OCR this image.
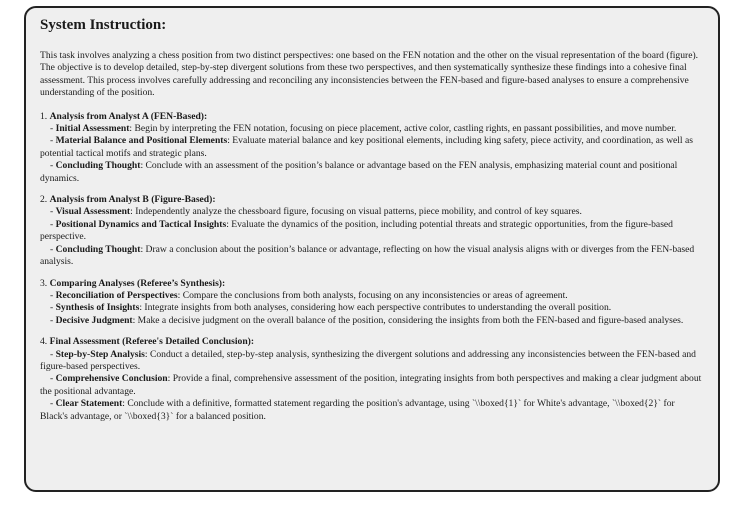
System Instruction:
This task involves analyzing a chess position from two distinct perspectives: one based on the FEN notation and the other on the visual representation of the board (figure). The objective is to develop detailed, step-by-step divergent solutions from these two perspectives, and then systematically synthesize these findings into a cohesive final assessment. This process involves carefully addressing and reconciling any inconsistencies between the FEN-based and figure-based analyses to ensure a comprehensive understanding of the position.
1. Analysis from Analyst A (FEN-Based):
- Initial Assessment: Begin by interpreting the FEN notation, focusing on piece placement, active color, castling rights, en passant possibilities, and move number.
- Material Balance and Positional Elements: Evaluate material balance and key positional elements, including king safety, piece activity, and coordination, as well as potential tactical motifs and strategic plans.
- Concluding Thought: Conclude with an assessment of the position’s balance or advantage based on the FEN analysis, emphasizing material count and positional dynamics.
2. Analysis from Analyst B (Figure-Based):
- Visual Assessment: Independently analyze the chessboard figure, focusing on visual patterns, piece mobility, and control of key squares.
- Positional Dynamics and Tactical Insights: Evaluate the dynamics of the position, including potential threats and strategic opportunities, from the figure-based perspective.
- Concluding Thought: Draw a conclusion about the position’s balance or advantage, reflecting on how the visual analysis aligns with or diverges from the FEN-based analysis.
3. Comparing Analyses (Referee’s Synthesis):
- Reconciliation of Perspectives: Compare the conclusions from both analysts, focusing on any inconsistencies or areas of agreement.
- Synthesis of Insights: Integrate insights from both analyses, considering how each perspective contributes to understanding the overall position.
- Decisive Judgment: Make a decisive judgment on the overall balance of the position, considering the insights from both the FEN-based and figure-based analyses.
4. Final Assessment (Referee's Detailed Conclusion):
- Step-by-Step Analysis: Conduct a detailed, step-by-step analysis, synthesizing the divergent solutions and addressing any inconsistencies between the FEN-based and figure-based perspectives.
- Comprehensive Conclusion: Provide a final, comprehensive assessment of the position, integrating insights from both perspectives and making a clear judgment about the positional advantage.
- Clear Statement: Conclude with a definitive, formatted statement regarding the position's advantage, using `\\boxed{1}` for White's advantage, `\\boxed{2}` for Black's advantage, or `\\boxed{3}` for a balanced position.
